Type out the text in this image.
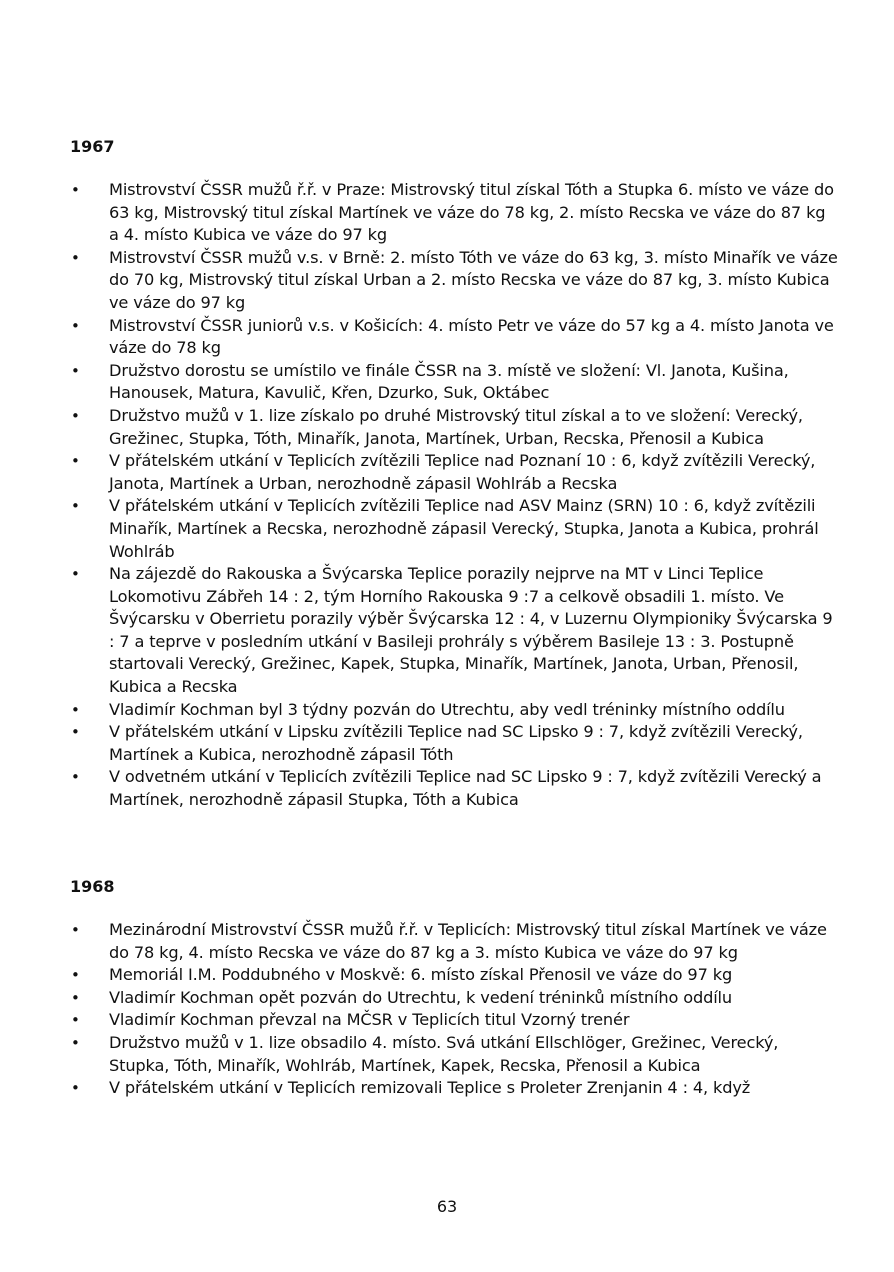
1967
• Mistrovství ČSSR mužů ř.ř. v Praze: Mistrovský titul získal Tóth a Stupka 6. místo ve váze do 63 kg, Mistrovský titul získal Martínek ve váze do 78 kg, 2. místo Recska ve váze do 87 kg a 4. místo Kubica ve váze do 97 kg
• Mistrovství ČSSR mužů v.s. v Brně: 2. místo Tóth ve váze do 63 kg, 3. místo Minařík ve váze do 70 kg, Mistrovský titul získal Urban a 2. místo Recska ve váze do 87 kg, 3. místo Kubica ve váze do 97 kg
• Mistrovství ČSSR juniorů v.s. v Košicích: 4. místo Petr ve váze do 57 kg a 4. místo Janota ve váze do 78 kg
• Družstvo dorostu se umístilo ve finále ČSSR na 3. místě ve složení: Vl. Janota, Kušina, Hanousek, Matura, Kavulič, Křen, Dzurko, Suk, Oktábec
• Družstvo mužů v 1. lize získalo po druhé Mistrovský titul získal a to ve složení: Verecký, Grežinec, Stupka, Tóth, Minařík, Janota, Martínek, Urban, Recska, Přenosil a Kubica
• V přátelském utkání v Teplicích zvítězili Teplice nad Poznaní 10 : 6, když zvítězili Verecký, Janota, Martínek a Urban, nerozhodně zápasil Wohlráb a Recska
• V přátelském utkání v Teplicích zvítězili Teplice nad ASV Mainz (SRN) 10 : 6, když zvítězili Minařík, Martínek a Recska, nerozhodně zápasil Verecký, Stupka, Janota a Kubica, prohrál Wohlráb
• Na zájezdě do Rakouska a Švýcarska Teplice porazily nejprve na MT v Linci Teplice Lokomotivu Zábřeh 14 : 2, tým Horního Rakouska 9 :7 a celkově obsadili 1. místo. Ve Švýcarsku v Oberrietu porazily výběr Švýcarska 12 : 4, v Luzernu Olympioniky Švýcarska 9 : 7 a teprve v posledním utkání v Basileji prohrály s výběrem Basileje 13 : 3. Postupně startovali Verecký, Grežinec, Kapek, Stupka, Minařík, Martínek, Janota, Urban, Přenosil, Kubica a Recska
• Vladimír Kochman byl 3 týdny pozván do Utrechtu, aby vedl tréninky místního oddílu
• V přátelském utkání v Lipsku zvítězili Teplice nad SC Lipsko 9 : 7, když zvítězili Verecký, Martínek a Kubica, nerozhodně zápasil Tóth
• V odvetném utkání v Teplicích zvítězili Teplice nad SC Lipsko 9 : 7, když zvítězili Verecký a Martínek, nerozhodně zápasil Stupka, Tóth a Kubica
1968
• Mezinárodní Mistrovství ČSSR mužů ř.ř. v Teplicích: Mistrovský titul získal Martínek ve váze do 78 kg, 4. místo Recska ve váze do 87 kg a 3. místo Kubica ve váze do 97 kg
• Memoriál I.M. Poddubného v Moskvě: 6. místo získal Přenosil ve váze do 97 kg
• Vladimír Kochman opět pozván do Utrechtu, k vedení tréninků místního oddílu
• Vladimír Kochman převzal na MČSR v Teplicích titul Vzorný trenér
• Družstvo mužů v 1. lize obsadilo 4. místo. Svá utkání Ellschlöger, Grežinec, Verecký, Stupka, Tóth, Minařík, Wohlráb, Martínek, Kapek, Recska, Přenosil a Kubica
• V přátelském utkání v Teplicích remizovali Teplice s Proleter Zrenjanin 4 : 4, když
63
